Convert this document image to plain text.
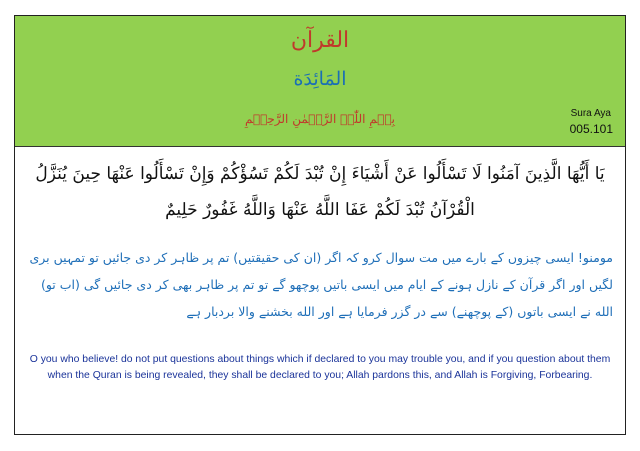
القرآن
المَائِدَة
بِسۡمِ اللّٰہِ الرَّحۡمٰنِ الرَّحِیۡمِ	Sura Aya
005.101
يَا أَيُّهَا الَّذِينَ آمَنُوا لَا تَسْأَلُوا عَنْ أَشْيَاءَ إِنْ تُبْدَ لَكُمْ تَسُؤْكُمْ وَإِنْ تَسْأَلُوا عَنْهَا حِينَ يُنَزَّلُ الْقُرْآنُ تُبْدَ لَكُمْ عَفَا اللَّهُ عَنْهَا وَاللَّهُ غَفُورٌ حَلِيمٌ
مومنو! ایسی چیزوں کے بارے میں مت سوال کرو کہ اگر (ان کی حقیقتیں) تم پر ظاہر کر دی جائیں تو تمہیں بری لگیں اور اگر قرآن کے نازل ہونے کے ایام میں ایسی باتیں پوچھو گے تو تم پر ظاہر بھی کر دی جائیں گی (اب تو) الله نے ایسی باتوں (کے پوچھنے) سے در گزر فرمایا ہے اور الله بخشنے والا بردبار ہے
O you who believe! do not put questions about things which if declared to you may trouble you, and if you question about them when the Quran is being revealed, they shall be declared to you; Allah pardons this, and Allah is Forgiving, Forbearing.
